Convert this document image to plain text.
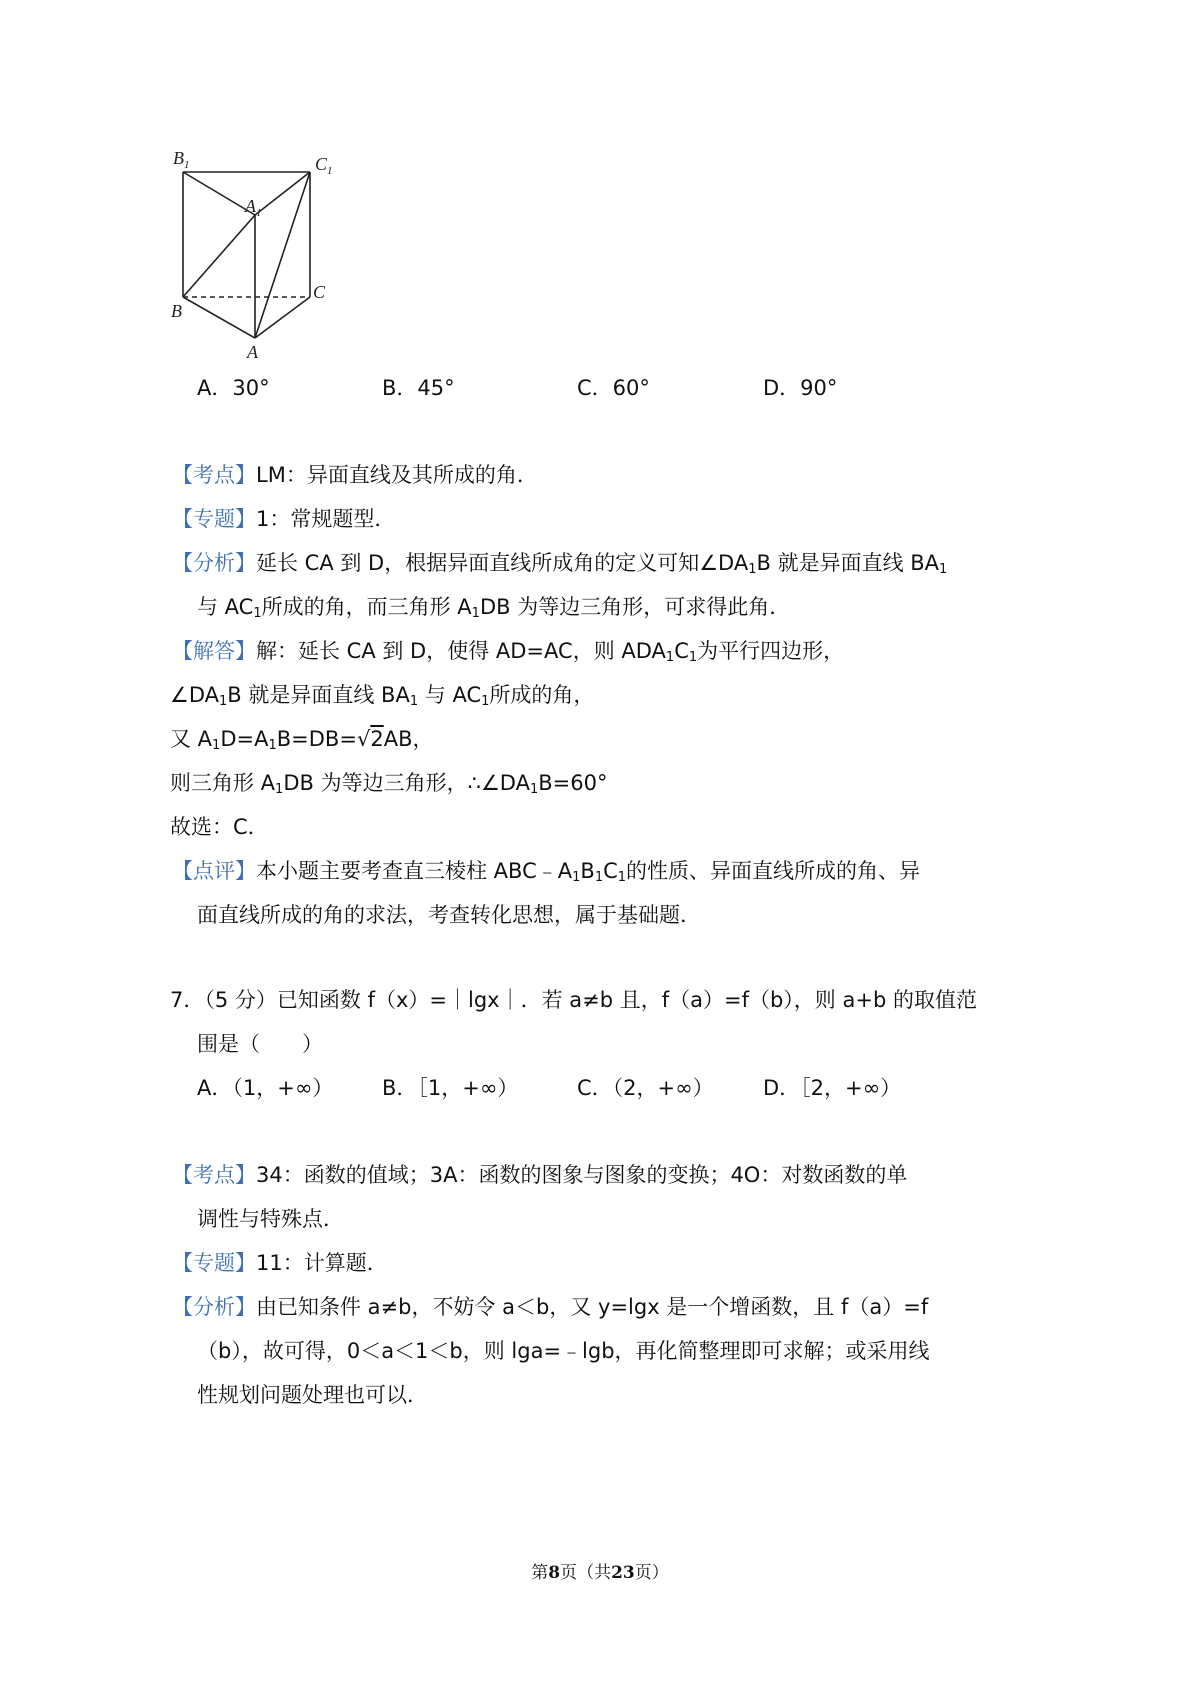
$B_1$	$C_1$
$A_1$
B
C
A
A．30°	B．45°	C．60°	D．90°
【考点】LM：异面直线及其所成的角．
【专题】1：常规题型．
【分析】延长 CA 到 D，根据异面直线所成角的定义可知$\angle DA_1B$ 就是异面直线 $BA_1$
与 $AC_1$所成的角，而三角形 $A_1DB$ 为等边三角形，可求得此角．
【解答】解：延长 CA 到 D，使得 AD=AC，则 $ADA_1C_1$为平行四边形，
$\angle DA_1B$ 就是异面直线 $BA_1$ 与 $AC_1$所成的角，
又 $A_1D=A_1B=DB=√2AB$，
则三角形 $A_1DB$ 为等边三角形，$\therefore\angle DA_1B=60^\circ$
故选：C．
【点评】本小题主要考查直三棱柱 $ABC﹣A_1B_1C_1$的性质、异面直线所成的角、异
面直线所成的角的求法，考查转化思想，属于基础题．
7．（5 分）已知函数 f（x）=｜lgx｜．若 a≠b 且，f（a）=f（b），则 a+b 的取值范
围是（　　）
A．（1，+∞） B．［1，+∞）	C．（2，+∞） D．［2，+∞）
【考点】34：函数的值域；3A：函数的图象与图象的变换；4O：对数函数的单
调性与特殊点．
【专题】11：计算题．
【分析】由已知条件 a≠b，不妨令 a＜b，又 y=lgx 是一个增函数，且 f（a）=f
（b），故可得，0＜a＜1＜b，则 lga=﹣lgb，再化简整理即可求解；或采用线
性规划问题处理也可以．
第8页（共23页）
